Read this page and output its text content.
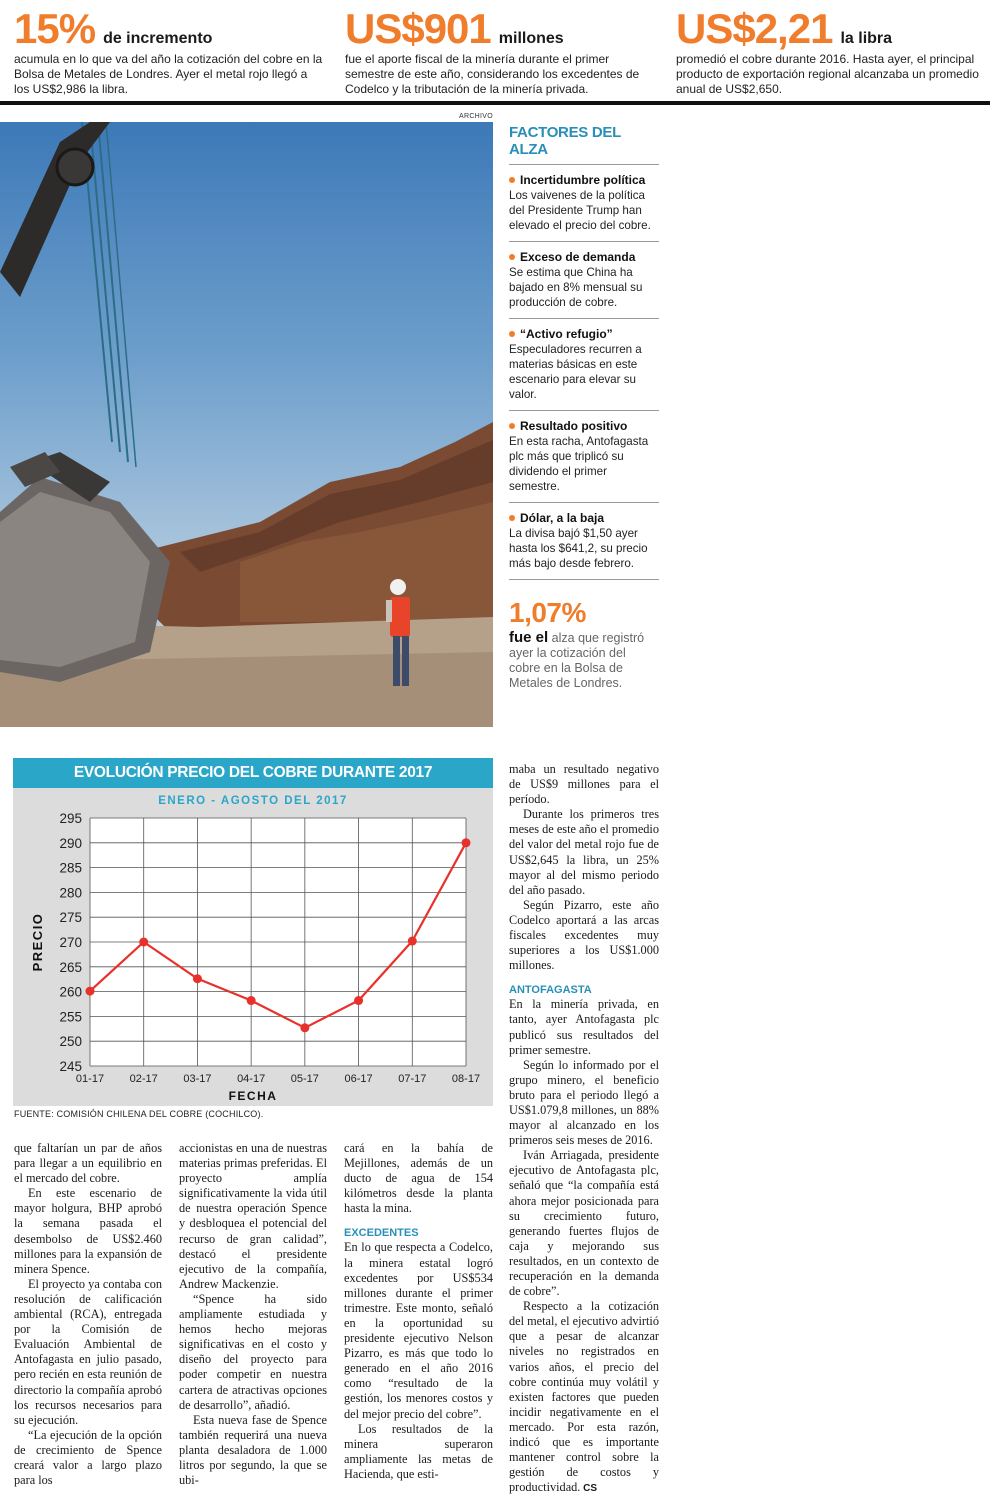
15% de incremento
acumula en lo que va del año la cotización del cobre en la Bolsa de Metales de Londres. Ayer el metal rojo llegó a los US$2,986 la libra.
US$901 millones
fue el aporte fiscal de la minería durante el primer semestre de este año, considerando los excedentes de Codelco y la tributación de la minería privada.
US$2,21 la libra
promedió el cobre durante 2016. Hasta ayer, el principal producto de exportación regional alcanzaba un promedio anual de US$2,650.
ARCHIVO
FACTORES DEL ALZA
Incertidumbre política
Los vaivenes de la política del Presidente Trump han elevado el precio del cobre.
Exceso de demanda
Se estima que China ha bajado en 8% mensual su producción de cobre.
“Activo refugio”
Especuladores recurren a materias básicas en este escenario para elevar su valor.
Resultado positivo
En esta racha, Antofagasta plc más que triplicó su dividendo el primer semestre.
Dólar, a la baja
La divisa bajó $1,50 ayer hasta los $641,2, su precio más bajo desde febrero.
1,07%
fue el alza que registró ayer la cotización del cobre en la Bolsa de Metales de Londres.
EVOLUCIÓN PRECIO DEL COBRE DURANTE 2017
ENERO - AGOSTO DEL 2017
245
250
255
260
265
270
275
280
285
290
295
01-17 02-17 03-17 04-17 05-17 06-17 07-17 08-17
FECHA
PRECIO
FUENTE: COMISIÓN CHILENA DEL COBRE (COCHILCO).

que faltarían un par de años para llegar a un equilibrio en el mercado del cobre.

En este escenario de mayor holgura, BHP aprobó la semana pasada el desembolso de US$2.460 millones para la expansión de minera Spence.

El proyecto ya contaba con resolución de calificación ambiental (RCA), entregada por la Comisión de Evaluación Ambiental de Antofagasta en julio pasado, pero recién en esta reunión de directorio la compañía aprobó los recursos necesarios para su ejecución.

“La ejecución de la opción de crecimiento de Spence creará valor a largo plazo para los

accionistas en una de nuestras materias primas preferidas. El proyecto amplía significativamente la vida útil de nuestra operación Spence y desbloquea el potencial del recurso de gran calidad”, destacó el presidente ejecutivo de la compañía, Andrew Mackenzie.

“Spence ha sido ampliamente estudiada y hemos hecho mejoras significativas en el costo y diseño del proyecto para poder competir en nuestra cartera de atractivas opciones de desarrollo”, añadió.

Esta nueva fase de Spence también requerirá una nueva planta desaladora de 1.000 litros por segundo, la que se ubi-

cará en la bahía de Mejillones, además de un ducto de agua de 154 kilómetros desde la planta hasta la mina.

EXCEDENTES

En lo que respecta a Codelco, la minera estatal logró excedentes por US$534 millones durante el primer trimestre. Este monto, señaló en la oportunidad su presidente ejecutivo Nelson Pizarro, es más que todo lo generado en el año 2016 como “resultado de la gestión, los menores costos y del mejor precio del cobre”.

Los resultados de la minera superaron ampliamente las metas de Hacienda, que esti-

maba un resultado negativo de US$9 millones para el período.

Durante los primeros tres meses de este año el promedio del valor del metal rojo fue de US$2,645 la libra, un 25% mayor al del mismo periodo del año pasado.

Según Pizarro, este año Codelco aportará a las arcas fiscales excedentes muy superiores a los US$1.000 millones.

ANTOFAGASTA

En la minería privada, en tanto, ayer Antofagasta plc publicó sus resultados del primer semestre.

Según lo informado por el grupo minero, el beneficio bruto para el periodo llegó a US$1.079,8 millones, un 88% mayor al alcanzado en los primeros seis meses de 2016.

Iván Arriagada, presidente ejecutivo de Antofagasta plc, señaló que “la compañía está ahora mejor posicionada para su crecimiento futuro, generando fuertes flujos de caja y mejorando sus resultados, en un contexto de recuperación en la demanda de cobre”.

Respecto a la cotización del metal, el ejecutivo advirtió que a pesar de alcanzar niveles no registrados en varios años, el precio del cobre continúa muy volátil y existen factores que pueden incidir negativamente en el mercado. Por esta razón, indicó que es importante mantener control sobre la gestión de costos y productividad. CS
